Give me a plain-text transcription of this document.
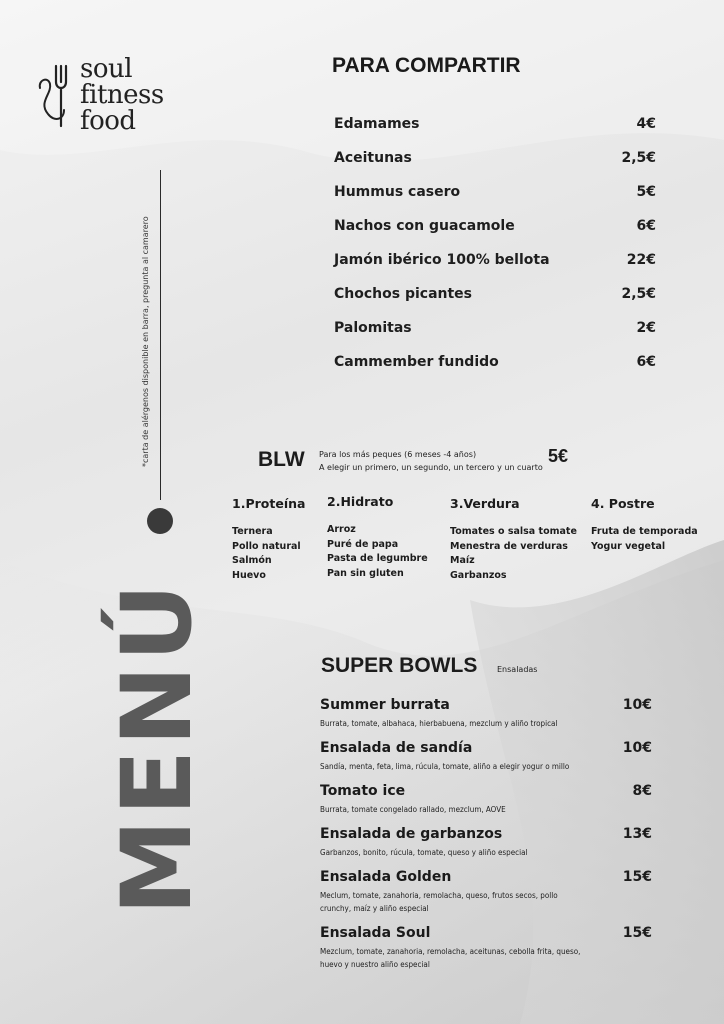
soul
fitness
food
*carta de alérgenos disponible en barra, pregunta al camarero
MENÚ
PARA COMPARTIR
Edamames	4€
Aceitunas	2,5€
Hummus casero	5€
Nachos con guacamole	6€
Jamón ibérico 100% bellota	22€
Chochos picantes	2,5€
Palomitas	2€
Cammember fundido	6€
BLW Para los más peques (6 meses -4 años)
A elegir un primero, un segundo, un tercero y un cuarto
5€
1.Proteína
Ternera
Pollo natural
Salmón
Huevo
2.Hidrato
Arroz
Puré de papa
Pasta de legumbre
Pan sin gluten
3.Verdura
Tomates o salsa tomate
Menestra de verduras
Maíz
Garbanzos
4. Postre
Fruta de temporada
Yogur vegetal
SUPER BOWLS Ensaladas
Summer burrata	10€
Burrata, tomate, albahaca, hierbabuena, mezclum y aliño tropical
Ensalada de sandía	10€
Sandía, menta, feta, lima, rúcula, tomate, aliño a elegir yogur o millo
Tomato ice	8€
Burrata, tomate congelado rallado, mezclum, AOVE
Ensalada de garbanzos	13€
Garbanzos, bonito, rúcula, tomate, queso y aliño especial
Ensalada Golden	15€
Meclum, tomate, zanahoria, remolacha, queso, frutos secos, pollo crunchy, maíz y aliño especial
Ensalada Soul	15€
Mezclum, tomate, zanahoria, remolacha, aceitunas, cebolla frita, queso, huevo y nuestro aliño especial
